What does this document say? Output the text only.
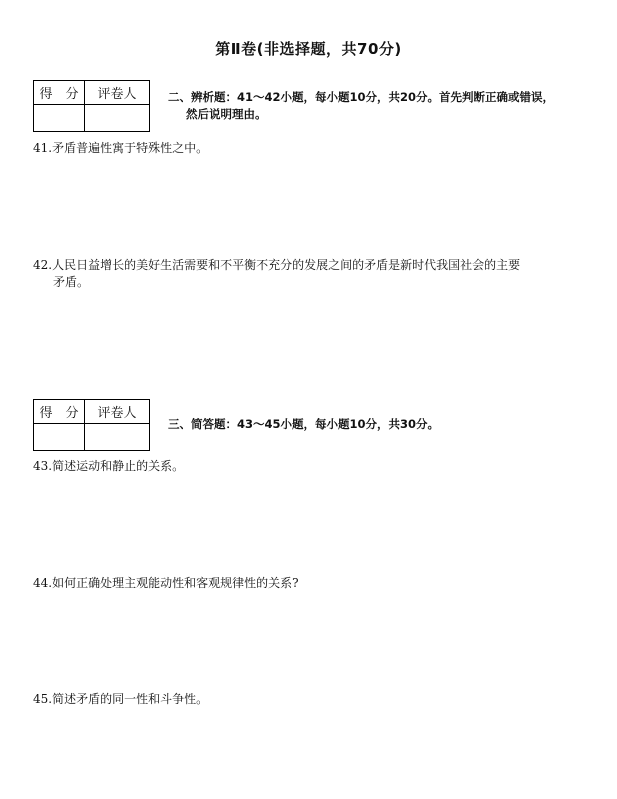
第Ⅱ卷(非选择题，共70分)
得　分	评卷人
		二、辨析题：41～42小题，每小题10分，共20分。首先判断正确或错误，
然后说明理由。
41.矛盾普遍性寓于特殊性之中。
42.人民日益增长的美好生活需要和不平衡不充分的发展之间的矛盾是新时代我国社会的主要
矛盾。
得　分	评卷人

三、简答题：43～45小题，每小题10分，共30分。
43.简述运动和静止的关系。
44.如何正确处理主观能动性和客观规律性的关系?
45.简述矛盾的同一性和斗争性。
